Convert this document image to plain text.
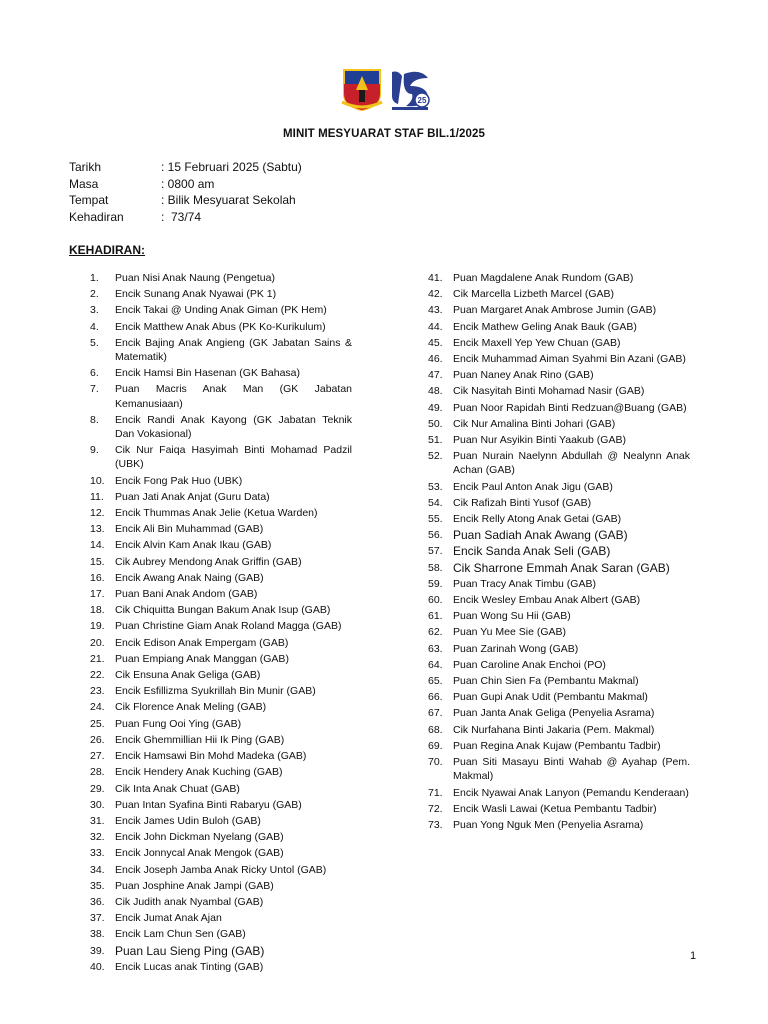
25
MINIT MESYUARAT STAF BIL.1/2025
Tarikh	: 15 Februari 2025 (Sabtu)
Masa	: 0800 am
Tempat	: Bilik Mesyuarat Sekolah
Kehadiran	:  73/74
KEHADIRAN:
1.	Puan Nisi Anak Naung (Pengetua)
2.	Encik Sunang Anak Nyawai (PK 1)
3.	Encik Takai @ Unding Anak Giman (PK Hem)
4.	Encik Matthew Anak Abus (PK Ko-Kurikulum)
5.	Encik Bajing Anak Angieng (GK Jabatan Sains & Matematik)
6.	Encik Hamsi Bin Hasenan (GK Bahasa)
7.	Puan Macris Anak Man (GK Jabatan Kemanusiaan)
8.	Encik Randi Anak Kayong (GK Jabatan Teknik Dan Vokasional)
9.	Cik Nur Faiqa Hasyimah Binti Mohamad Padzil (UBK)
10. Encik Fong Pak Huo (UBK)
11.	Puan Jati Anak Anjat (Guru Data)
12. Encik Thummas Anak Jelie (Ketua Warden)
13. Encik Ali Bin Muhammad (GAB)
14. Encik Alvin Kam Anak Ikau (GAB)
15. Cik Aubrey Mendong Anak Griffin (GAB)
16. Encik Awang Anak Naing (GAB)
17. Puan Bani Anak Andom (GAB)
18. Cik Chiquitta Bungan Bakum Anak Isup (GAB)
19. Puan Christine Giam Anak Roland Magga (GAB)
20. Encik Edison Anak Empergam (GAB)
21. Puan Empiang Anak Manggan (GAB)
22. Cik Ensuna Anak Geliga (GAB)
23. Encik Esfillizma Syukrillah Bin Munir (GAB)
24. Cik Florence Anak Meling (GAB)
25. Puan Fung Ooi Ying (GAB)
26. Encik Ghemmillian Hii Ik Ping (GAB)
27. Encik Hamsawi Bin Mohd Madeka (GAB)
28. Encik Hendery Anak Kuching (GAB)
29. Cik Inta Anak Chuat (GAB)
30. Puan Intan Syafina Binti Rabaryu (GAB)
31. Encik James Udin Buloh (GAB)
32. Encik John Dickman Nyelang (GAB)
33. Encik Jonnycal Anak Mengok (GAB)
34. Encik Joseph Jamba Anak Ricky Untol (GAB)
35. Puan Josphine Anak Jampi (GAB)
36. Cik Judith anak Nyambal (GAB)
37. Encik Jumat Anak Ajan
38. Encik Lam Chun Sen (GAB)
39. Puan Lau Sieng Ping (GAB)
40. Encik Lucas anak Tinting (GAB)
41. Puan Magdalene Anak Rundom (GAB)
42. Cik Marcella Lizbeth Marcel (GAB)
43. Puan Margaret Anak Ambrose Jumin (GAB)
44. Encik Mathew Geling Anak Bauk (GAB)
45. Encik Maxell Yep Yew Chuan (GAB)
46. Encik Muhammad Aiman Syahmi Bin Azani (GAB)
47. Puan Naney Anak Rino (GAB)
48. Cik Nasyitah Binti Mohamad Nasir (GAB)
49. Puan Noor Rapidah Binti Redzuan@Buang (GAB)
50. Cik Nur Amalina Binti Johari (GAB)
51. Puan Nur Asyikin Binti Yaakub (GAB)
52. Puan Nurain Naelynn Abdullah @ Nealynn Anak Achan (GAB)
53. Encik Paul Anton Anak Jigu (GAB)
54. Cik Rafizah Binti Yusof (GAB)
55. Encik Relly Atong Anak Getai (GAB)
56. Puan Sadiah Anak Awang (GAB)
57. Encik Sanda Anak Seli (GAB)
58. Cik Sharrone Emmah Anak Saran (GAB)
59. Puan Tracy Anak Timbu (GAB)
60. Encik Wesley Embau Anak Albert (GAB)
61. Puan Wong Su Hii (GAB)
62. Puan Yu Mee Sie (GAB)
63. Puan Zarinah Wong (GAB)
64. Puan Caroline Anak Enchoi (PO)
65. Puan Chin Sien Fa (Pembantu Makmal)
66. Puan Gupi Anak Udit (Pembantu Makmal)
67. Puan Janta Anak Geliga (Penyelia Asrama)
68. Cik Nurfahana Binti Jakaria (Pem. Makmal)
69. Puan Regina Anak Kujaw (Pembantu Tadbir)
70. Puan Siti Masayu Binti Wahab @ Ayahap (Pem. Makmal)
71. Encik Nyawai Anak Lanyon (Pemandu Kenderaan)
72. Encik Wasli Lawai (Ketua Pembantu Tadbir)
73. Puan Yong Nguk Men (Penyelia Asrama)
1
